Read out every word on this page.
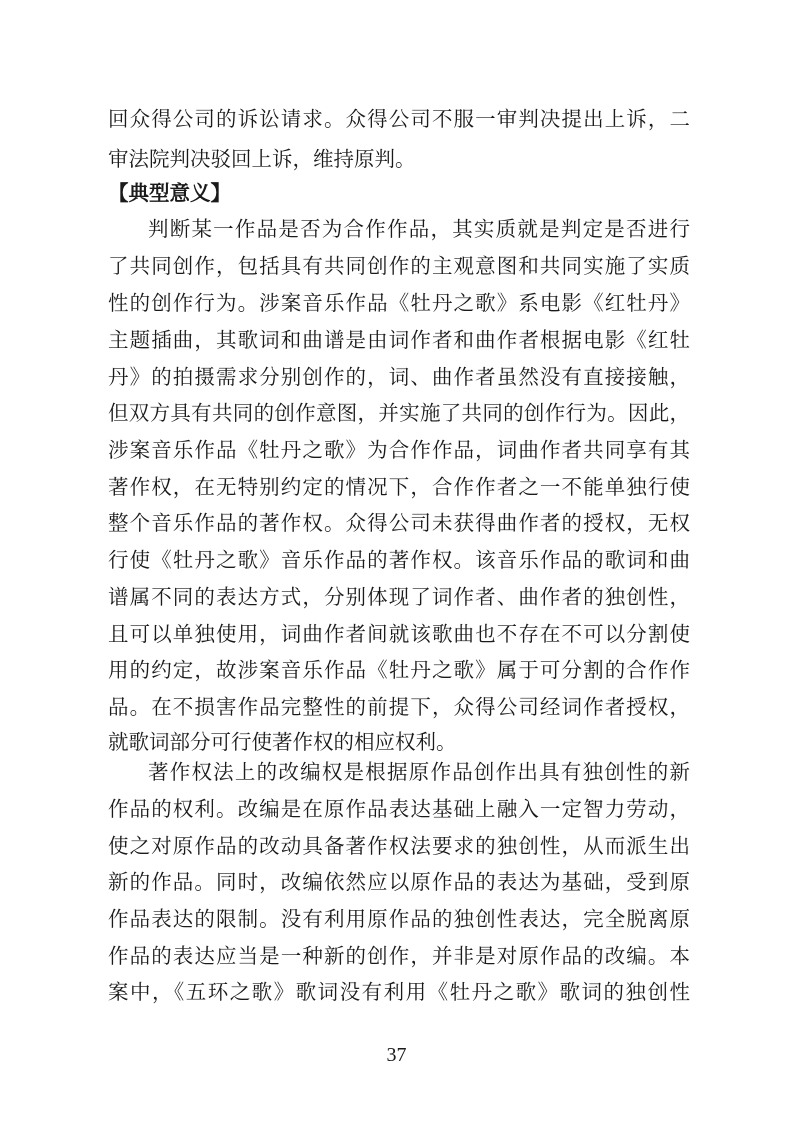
回众得公司的诉讼请求。众得公司不服一审判决提出上诉，二
审法院判决驳回上诉，维持原判。
【典型意义】
判断某一作品是否为合作作品，其实质就是判定是否进行
了共同创作，包括具有共同创作的主观意图和共同实施了实质
性的创作行为。涉案音乐作品《牡丹之歌》系电影《红牡丹》
主题插曲，其歌词和曲谱是由词作者和曲作者根据电影《红牡
丹》的拍摄需求分别创作的，词、曲作者虽然没有直接接触，
但双方具有共同的创作意图，并实施了共同的创作行为。因此，
涉案音乐作品《牡丹之歌》为合作作品，词曲作者共同享有其
著作权，在无特别约定的情况下，合作作者之一不能单独行使
整个音乐作品的著作权。众得公司未获得曲作者的授权，无权
行使《牡丹之歌》音乐作品的著作权。该音乐作品的歌词和曲
谱属不同的表达方式，分别体现了词作者、曲作者的独创性，
且可以单独使用，词曲作者间就该歌曲也不存在不可以分割使
用的约定，故涉案音乐作品《牡丹之歌》属于可分割的合作作
品。在不损害作品完整性的前提下，众得公司经词作者授权，
就歌词部分可行使著作权的相应权利。
著作权法上的改编权是根据原作品创作出具有独创性的新
作品的权利。改编是在原作品表达基础上融入一定智力劳动，
使之对原作品的改动具备著作权法要求的独创性，从而派生出
新的作品。同时，改编依然应以原作品的表达为基础，受到原
作品表达的限制。没有利用原作品的独创性表达，完全脱离原
作品的表达应当是一种新的创作，并非是对原作品的改编。本
案中，《五环之歌》歌词没有利用《牡丹之歌》歌词的独创性
37
